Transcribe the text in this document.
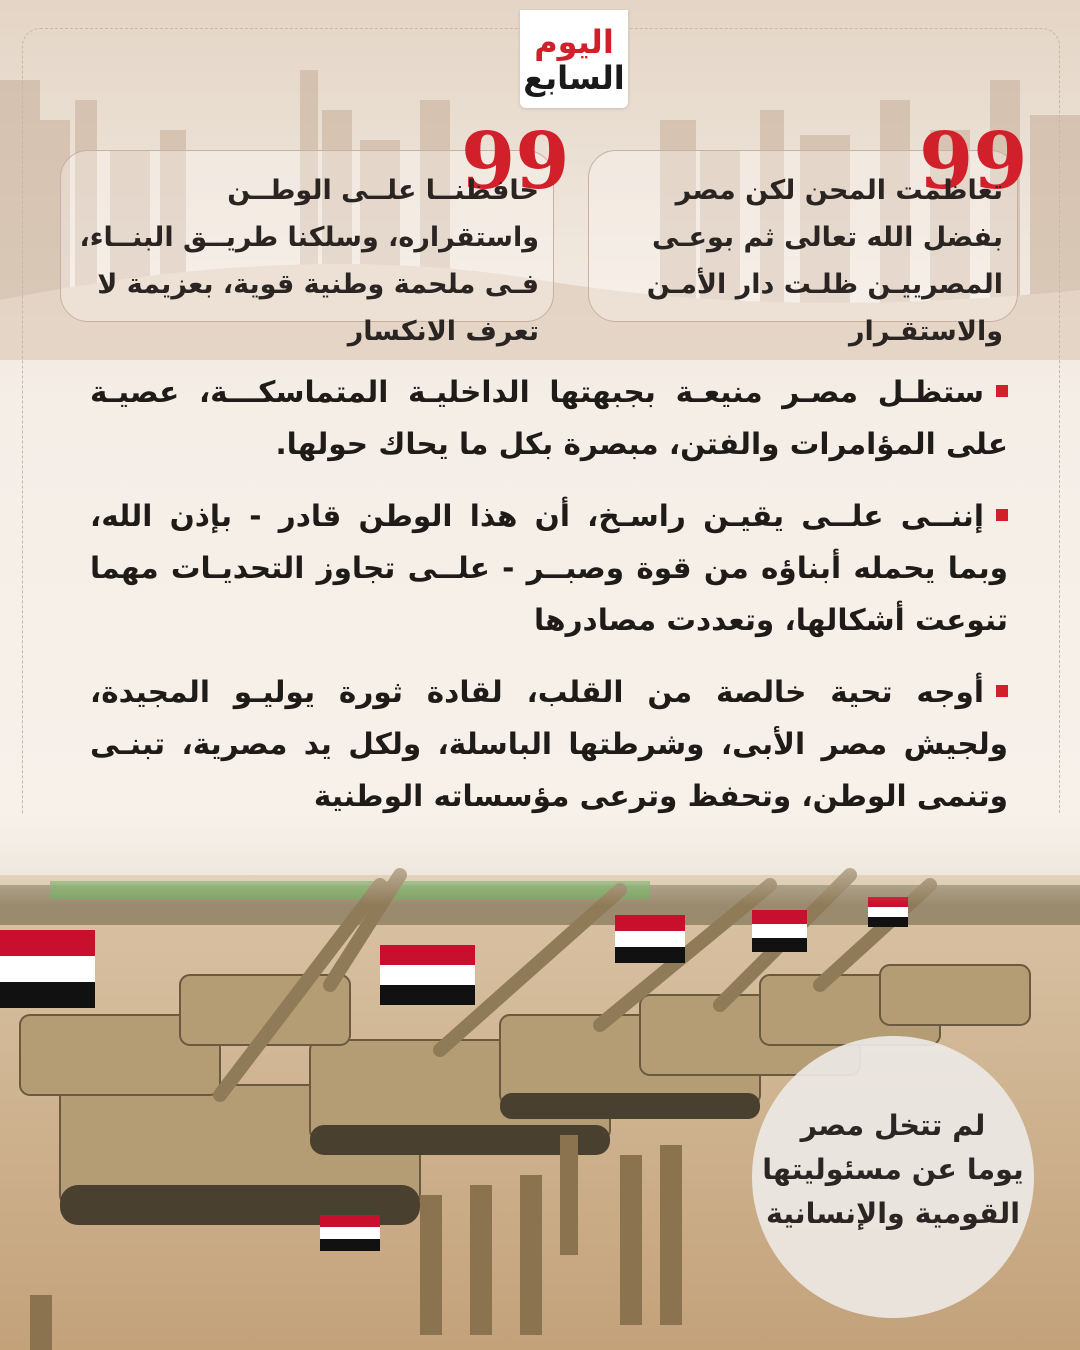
اليوم
السابع
99
تعاظمت المحن لكن مصر بفضل الله تعالى ثم بوعـى المصرييـن ظلـت دار الأمـن والاستقـرار
99
حافظنــا علــى الوطــن واستقراره، وسلكنا طريــق البنــاء، فـى ملحمة وطنية قوية، بعزيمة لا تعرف الانكسار
ستظـل مصـر منيعـة بجبهتها الداخليـة المتماسكـــة، عصيـة على المؤامرات والفتن، مبصرة بكل ما يحاك حولها.
إننــى علــى يقيـن راسـخ، أن هذا الوطن قادر - بإذن الله، وبما يحمله أبناؤه من قوة وصبــر - علــى تجاوز التحديـات مهما تنوعت أشكالها، وتعددت مصادرها
أوجه تحية خالصة من القلب، لقادة ثورة يوليـو المجيدة، ولجيش مصر الأبى، وشرطتها الباسلة، ولكل يد مصرية، تبنـى وتنمى الوطن، وتحفظ وترعى مؤسساته الوطنية
لم تتخل مصر
يوما عن مسئوليتها
القومية والإنسانية
